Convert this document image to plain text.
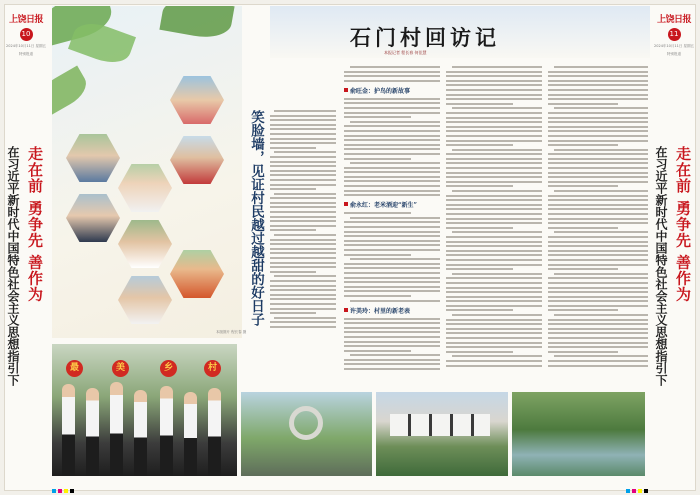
上饶日报
10
2024年10月11日 星期五
特别报道
在习近平新时代中国特色社会主义思想指引下 走在前 勇争先 善作为
上饶日报
11
2024年10月11日 星期五
特别报道
在习近平新时代中国特色社会主义思想指引下 走在前 勇争先 善作为
笑脸墙，见证村民越过越甜的好日子
本版图片 程长春 摄
最	美	乡	村
石门村回访记
本报记者 程长春 何佳慧
俞旺金：护鸟的新故事
俞永红：老米酒迎“新生”
许美玲：村里的新老表
